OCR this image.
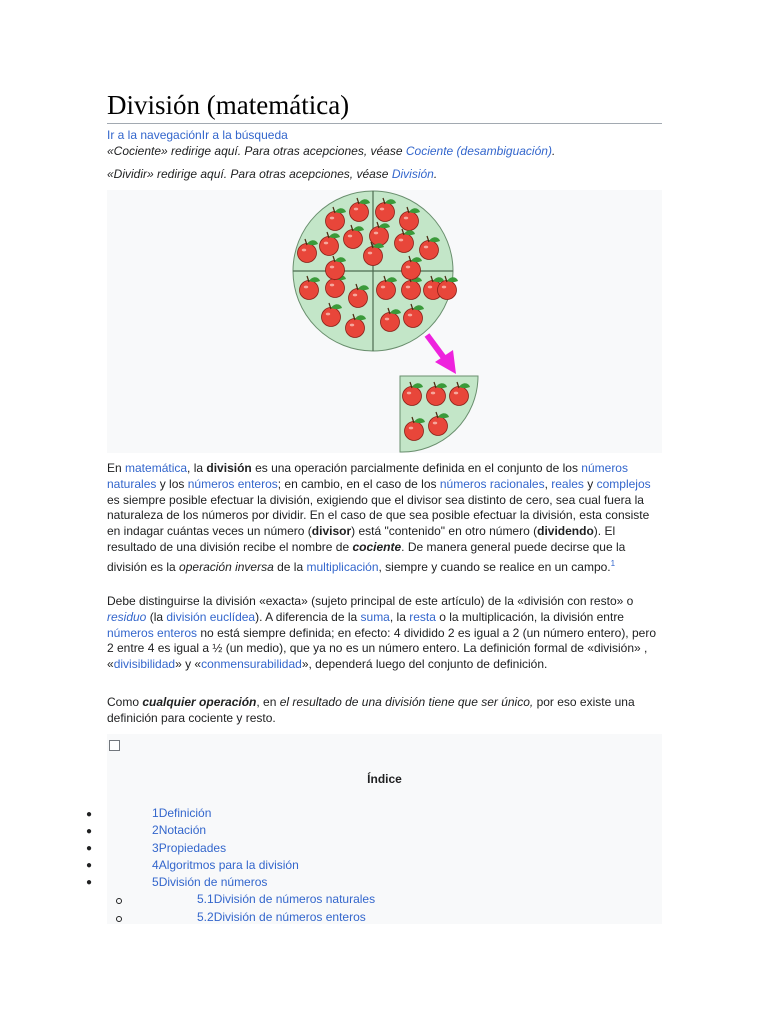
División (matemática)
Ir a la navegaciónIr a la búsqueda
«Cociente» redirige aquí. Para otras acepciones, véase Cociente (desambiguación).
«Dividir» redirige aquí. Para otras acepciones, véase División.

En matemática, la división es una operación parcialmente definida en el conjunto de los números naturales y los números enteros; en cambio, en el caso de los números racionales, reales y complejos es siempre posible efectuar la división, exigiendo que el divisor sea distinto de cero, sea cual fuera la naturaleza de los números por dividir. En el caso de que sea posible efectuar la división, esta consiste en indagar cuántas veces un número (divisor) está "contenido" en otro número (dividendo). El resultado de una división recibe el nombre de cociente. De manera general puede decirse que la división es la operación inversa de la multiplicación, siempre y cuando se realice en un campo.$^1$

Debe distinguirse la división «exacta» (sujeto principal de este artículo) de la «división con resto» o residuo (la división euclídea). A diferencia de la suma, la resta o la multiplicación, la división entre números enteros no está siempre definida; en efecto: 4 dividido 2 es igual a 2 (un número entero), pero 2 entre 4 es igual a ½ (un medio), que ya no es un número entero. La definición formal de «división» , «divisibilidad» y «conmensurabilidad», dependerá luego del conjunto de definición.

Como cualquier operación, en el resultado de una división tiene que ser único, por eso existe una definición para cociente y resto.

Índice
●
●
●
●
●
1Definición
2Notación
3Propiedades
4Algoritmos para la división
5División de números
5.1División de números naturales
5.2División de números enteros
